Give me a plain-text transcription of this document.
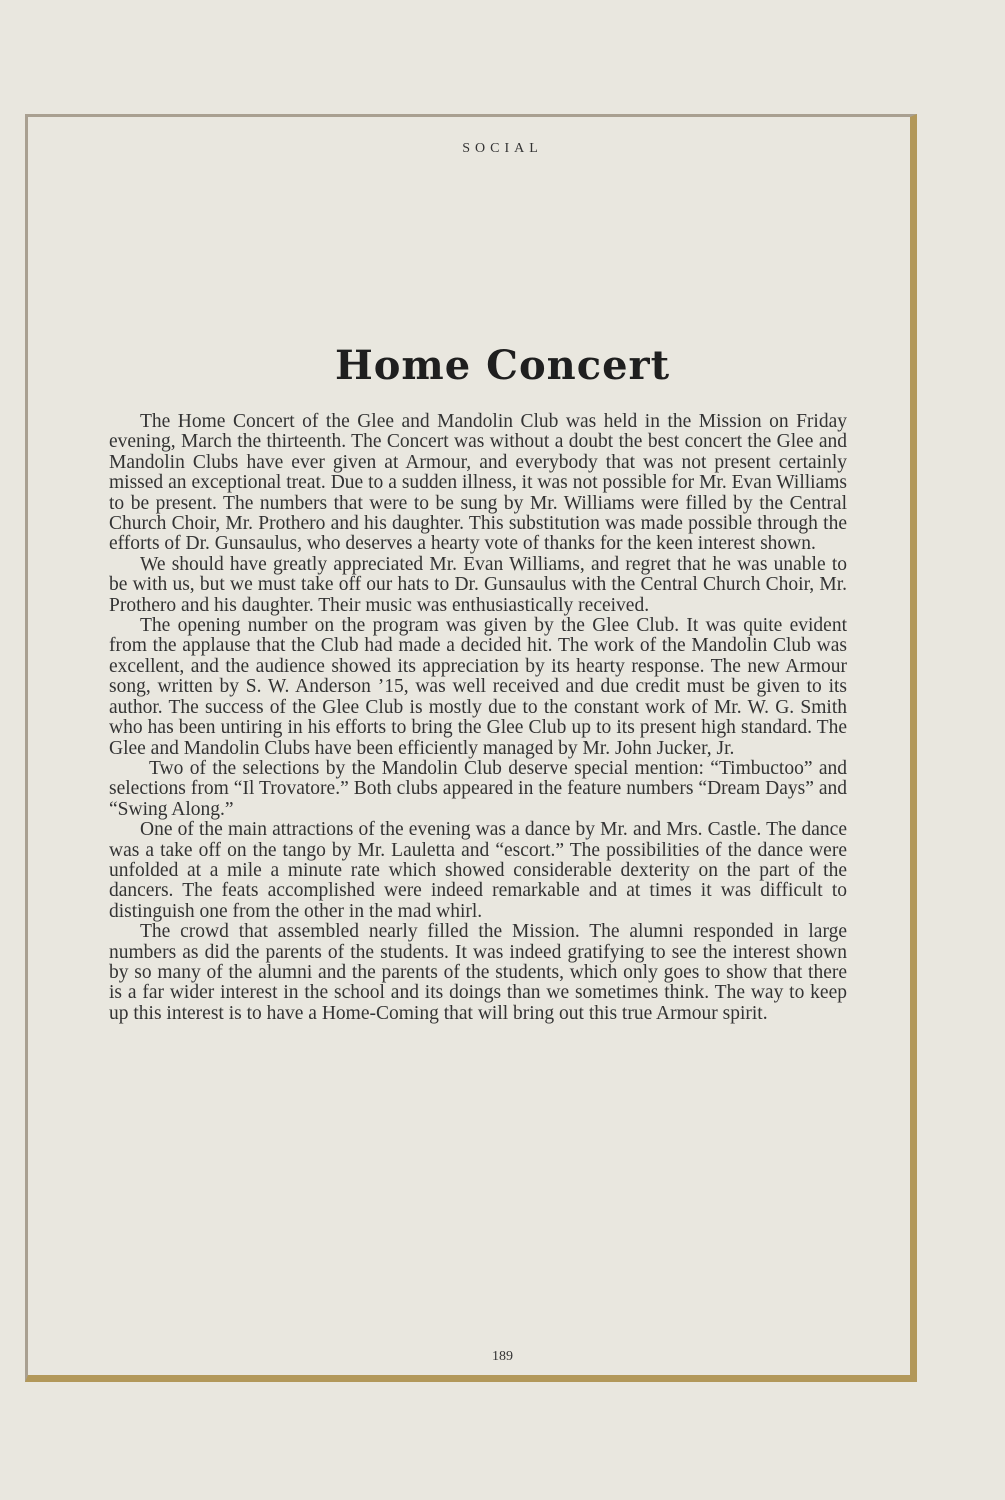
SOCIAL
Home Concert

The Home Concert of the Glee and Mandolin Club was held in the Mission on Friday evening, March the thirteenth. The Concert was without a doubt the best concert the Glee and Mandolin Clubs have ever given at Armour, and everybody that was not present certainly missed an exceptional treat. Due to a sudden illness, it was not possible for Mr. Evan Williams to be present. The numbers that were to be sung by Mr. Williams were filled by the Central Church Choir, Mr. Prothero and his daughter. This substitution was made possible through the efforts of Dr. Gunsaulus, who deserves a hearty vote of thanks for the keen interest shown.

We should have greatly appreciated Mr. Evan Williams, and regret that he was unable to be with us, but we must take off our hats to Dr. Gunsaulus with the Central Church Choir, Mr. Prothero and his daughter. Their music was enthusiastically received.

The opening number on the program was given by the Glee Club. It was quite evident from the applause that the Club had made a decided hit. The work of the Mandolin Club was excellent, and the audience showed its appreciation by its hearty response. The new Armour song, written by S. W. Anderson ’15, was well received and due credit must be given to its author. The success of the Glee Club is mostly due to the constant work of Mr. W. G. Smith who has been untiring in his efforts to bring the Glee Club up to its present high standard. The Glee and Mandolin Clubs have been efficiently managed by Mr. John Jucker, Jr.

Two of the selections by the Mandolin Club deserve special mention: “Timbuctoo” and selections from “Il Trovatore.” Both clubs appeared in the feature numbers “Dream Days” and “Swing Along.”

One of the main attractions of the evening was a dance by Mr. and Mrs. Castle. The dance was a take off on the tango by Mr. Lauletta and “escort.” The possibilities of the dance were unfolded at a mile a minute rate which showed considerable dexterity on the part of the dancers. The feats accomplished were indeed remarkable and at times it was difficult to distinguish one from the other in the mad whirl.

The crowd that assembled nearly filled the Mission. The alumni responded in large numbers as did the parents of the students. It was indeed gratifying to see the interest shown by so many of the alumni and the parents of the students, which only goes to show that there is a far wider interest in the school and its doings than we sometimes think. The way to keep up this interest is to have a Home-Coming that will bring out this true Armour spirit.

189
